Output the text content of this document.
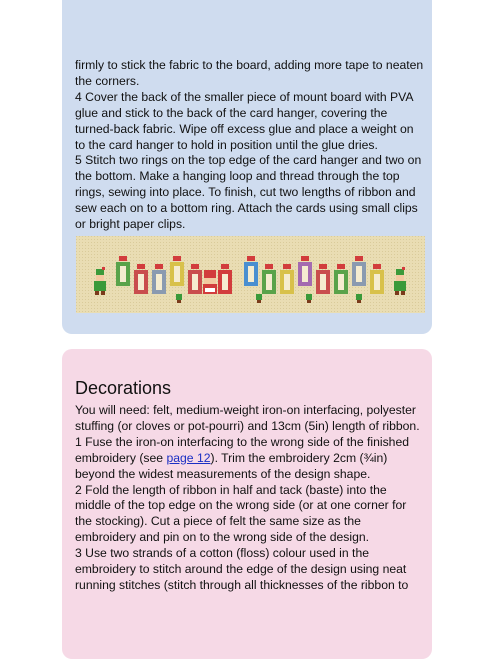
firmly to stick the fabric to the board, adding more tape to neaten the corners.
4 Cover the back of the smaller piece of mount board with PVA glue and stick to the back of the card hanger, covering the turned-back fabric. Wipe off excess glue and place a weight on to the card hanger to hold in position until the glue dries.
5 Stitch two rings on the top edge of the card hanger and two on the bottom. Make a hanging loop and thread through the top rings, sewing into place. To finish, cut two lengths of ribbon and sew each on to a bottom ring. Attach the cards using small clips or bright paper clips.

Decorations

You will need: felt, medium-weight iron-on interfacing, polyester stuffing (or cloves or pot-pourri) and 13cm (5in) length of ribbon.
1 Fuse the iron-on interfacing to the wrong side of the finished embroidery (see page 12). Trim the embroidery 2cm (¾in) beyond the widest measurements of the design shape.
2 Fold the length of ribbon in half and tack (baste) into the middle of the top edge on the wrong side (or at one corner for the stocking). Cut a piece of felt the same size as the embroidery and pin on to the wrong side of the design.
3 Use two strands of a cotton (floss) colour used in the embroidery to stitch around the edge of the design using neat running stitches (stitch through all thicknesses of the ribbon to
